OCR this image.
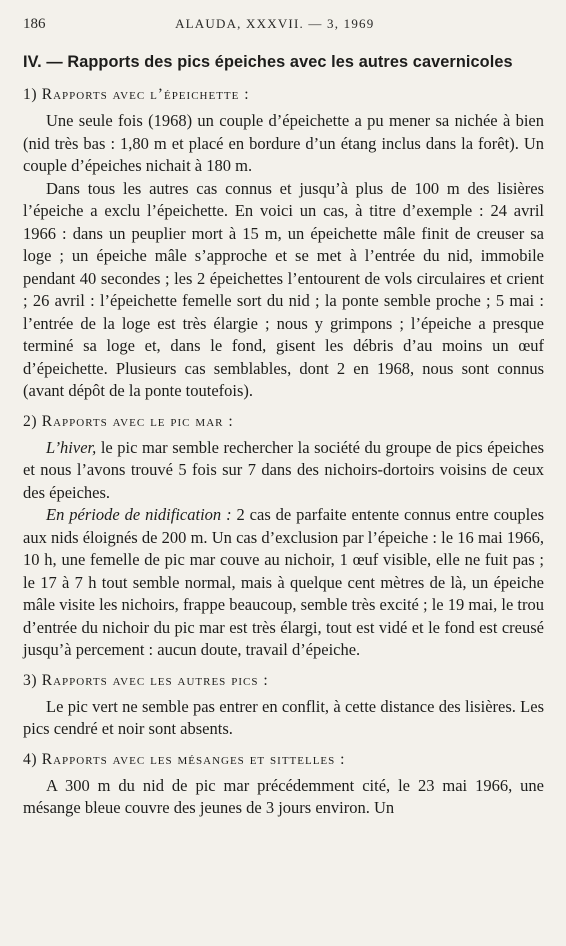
186	ALAUDA, XXXVII. — 3, 1969
IV. — Rapports des pics épeiches avec les autres cavernicoles
1) Rapports avec l’épeichette :

Une seule fois (1968) un couple d’épeichette a pu mener sa nichée à bien (nid très bas : 1,80 m et placé en bordure d’un étang inclus dans la forêt). Un couple d’épeiches nichait à 180 m.

Dans tous les autres cas connus et jusqu’à plus de 100 m des lisières l’épeiche a exclu l’épeichette. En voici un cas, à titre d’exemple : 24 avril 1966 : dans un peuplier mort à 15 m, un épeichette mâle finit de creuser sa loge ; un épeiche mâle s’approche et se met à l’entrée du nid, immobile pendant 40 secondes ; les 2 épeichettes l’entourent de vols circulaires et crient ; 26 avril : l’épeichette femelle sort du nid ; la ponte semble proche ; 5 mai : l’entrée de la loge est très élargie ; nous y grimpons ; l’épeiche a presque terminé sa loge et, dans le fond, gisent les débris d’au moins un œuf d’épeichette. Plusieurs cas semblables, dont 2 en 1968, nous sont connus (avant dépôt de la ponte toutefois).

2) Rapports avec le pic mar :

L’hiver, le pic mar semble rechercher la société du groupe de pics épeiches et nous l’avons trouvé 5 fois sur 7 dans des nichoirs-dortoirs voisins de ceux des épeiches.

En période de nidification : 2 cas de parfaite entente connus entre couples aux nids éloignés de 200 m. Un cas d’exclusion par l’épeiche : le 16 mai 1966, 10 h, une femelle de pic mar couve au nichoir, 1 œuf visible, elle ne fuit pas ; le 17 à 7 h tout semble normal, mais à quelque cent mètres de là, un épeiche mâle visite les nichoirs, frappe beaucoup, semble très excité ; le 19 mai, le trou d’entrée du nichoir du pic mar est très élargi, tout est vidé et le fond est creusé jusqu’à percement : aucun doute, travail d’épeiche.

3) Rapports avec les autres pics :

Le pic vert ne semble pas entrer en conflit, à cette distance des lisières. Les pics cendré et noir sont absents.

4) Rapports avec les mésanges et sittelles :

A 300 m du nid de pic mar précédemment cité, le 23 mai 1966, une mésange bleue couvre des jeunes de 3 jours environ. Un
